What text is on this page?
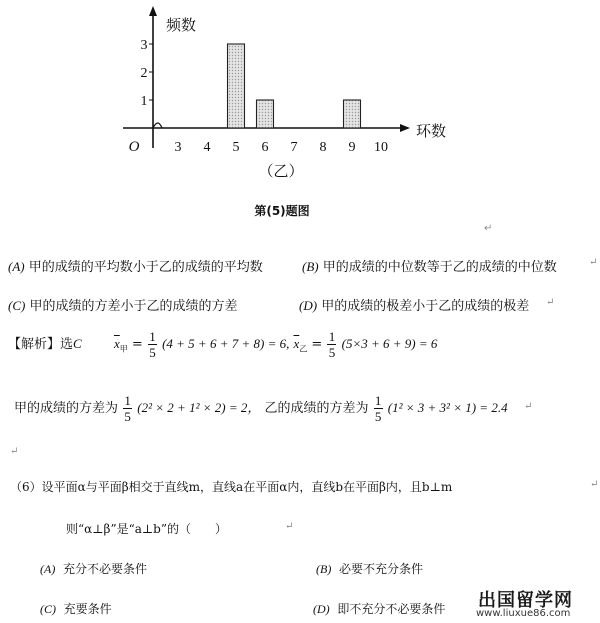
频数
环数
O	3 4 5 6 7 8 9 10
1
2
3
（乙）
第(5)题图
↵
(A) 甲的成绩的平均数小于乙的成绩的平均数	(B) 甲的成绩的中位数等于乙的成绩的中位数	↵
(C) 甲的成绩的方差小于乙的成绩的方差	(D) 甲的成绩的极差小于乙的成绩的极差 ↵
【解析】选C $\overline{x}_甲 = \frac{1}{5} (4 + 5 + 6 + 7 + 8) = 6$, $\overline{x}_乙 = \frac{1}{5} (5\times 3 + 6 + 9) = 6$
甲的成绩的方差为 $\frac{1}{5} (2^2 \times 2 + 1^2 \times 2) = 2$， 乙的成绩的方差为 $\frac{1}{5} (1^2 \times 3 + 3^2 \times 1) = 2.4$ ↵
↵
（6）设平面α与平面β相交于直线m，直线a在平面α内，直线b在平面β内，且b⊥m	↵
则“α⊥β”是“a⊥b”的（　　）	↵
(A) 充分不必要条件	(B) 必要不充分条件
(C) 充要条件	(D) 即不充分不必要条件 出国留学网
www.liuxue86.com
